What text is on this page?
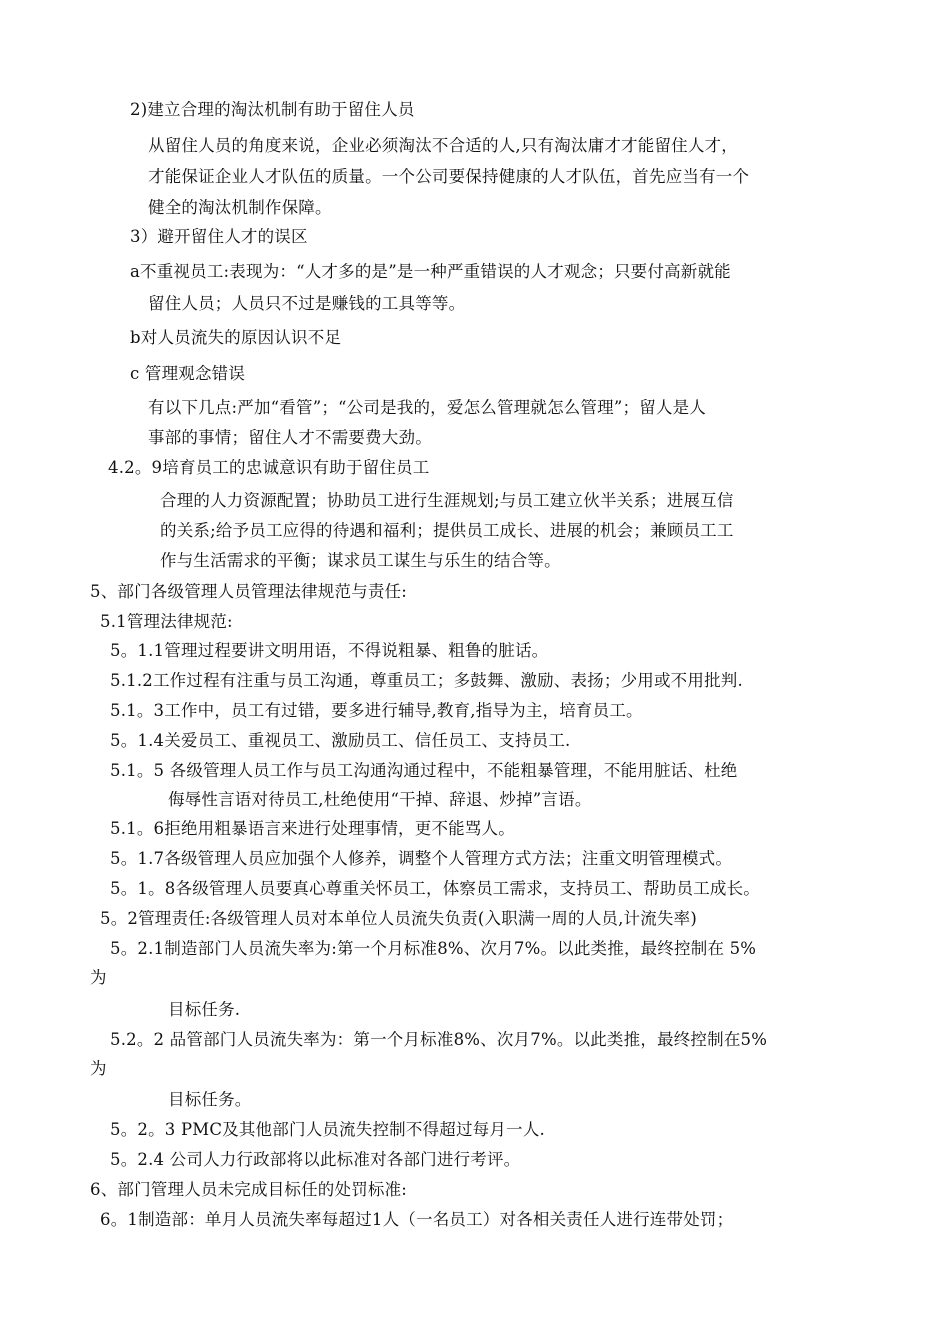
2)建立合理的淘汰机制有助于留住人员
从留住人员的角度来说，企业必须淘汰不合适的人,只有淘汰庸才才能留住人才，
才能保证企业人才队伍的质量。一个公司要保持健康的人才队伍，首先应当有一个
健全的淘汰机制作保障。
3）避开留住人才的误区
a不重视员工:表现为：“人才多的是”是一种严重错误的人才观念；只要付高新就能
留住人员；人员只不过是赚钱的工具等等。
b对人员流失的原因认识不足
c 管理观念错误
有以下几点:严加“看管”；“公司是我的，爱怎么管理就怎么管理”；留人是人
事部的事情；留住人才不需要费大劲。
4.2。9培育员工的忠诚意识有助于留住员工
合理的人力资源配置；协助员工进行生涯规划;与员工建立伙半关系；进展互信
的关系;给予员工应得的待遇和福利；提供员工成长、进展的机会；兼顾员工工
作与生活需求的平衡；谋求员工谋生与乐生的结合等。
5、部门各级管理人员管理法律规范与责任:
5.1管理法律规范:
5。1.1管理过程要讲文明用语，不得说粗暴、粗鲁的脏话。
5.1.2工作过程有注重与员工沟通，尊重员工；多鼓舞、激励、表扬；少用或不用批判.
5.1。3工作中，员工有过错，要多进行辅导,教育,指导为主，培育员工。
5。1.4关爱员工、重视员工、激励员工、信任员工、支持员工.
5.1。5 各级管理人员工作与员工沟通沟通过程中，不能粗暴管理，不能用脏话、杜绝
侮辱性言语对待员工,杜绝使用“干掉、辞退、炒掉”言语。
5.1。6拒绝用粗暴语言来进行处理事情，更不能骂人。
5。1.7各级管理人员应加强个人修养，调整个人管理方式方法；注重文明管理模式。
5。1。8各级管理人员要真心尊重关怀员工，体察员工需求，支持员工、帮助员工成长。
5。2管理责任:各级管理人员对本单位人员流失负责(入职满一周的人员,计流失率)
5。2.1制造部门人员流失率为:第一个月标准8%、次月7%。以此类推，最终控制在 5%
为
目标任务.
5.2。2 品管部门人员流失率为：第一个月标准8%、次月7%。以此类推，最终控制在5%
为
目标任务。
5。2。3 PMC及其他部门人员流失控制不得超过每月一人.
5。2.4 公司人力行政部将以此标准对各部门进行考评。
6、部门管理人员未完成目标任的处罚标准:
6。1制造部：单月人员流失率每超过1人（一名员工）对各相关责任人进行连带处罚；
